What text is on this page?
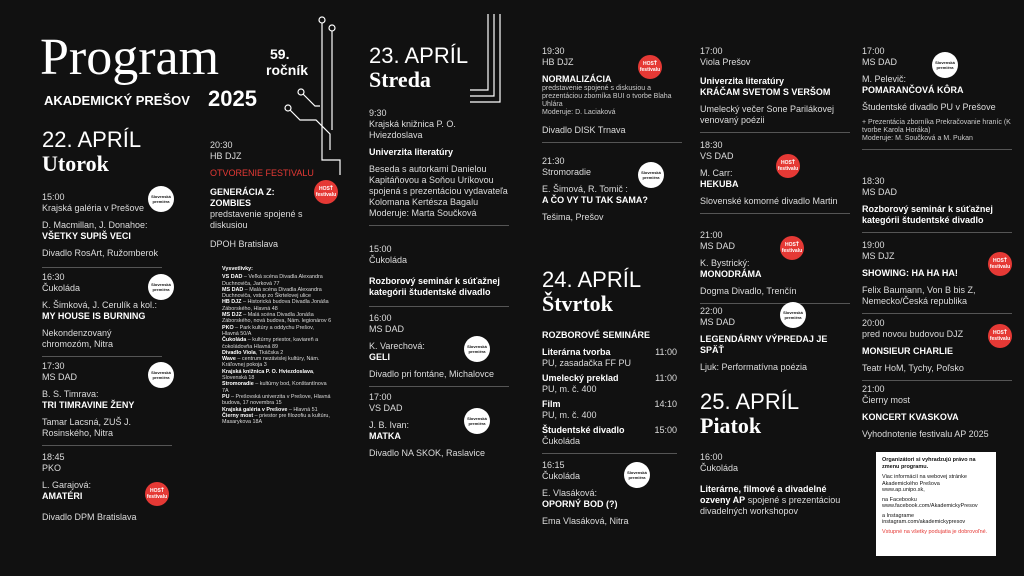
Program	59.
ročník
AKADEMICKÝ PREŠOV 2025
22. APRÍL
Utorok
15:00
Krajská galéria v Prešove
D. Macmillan, J. Donahoe:
VŠETKY SUPIŠ VECI
Divadlo RosArt, Ružomberok
Slovenská premiéra
16:30
Čukoláda
K. Šimková, J. Cerulík a kol.:
MY HOUSE IS BURNING
Nekondenzovaný chromozóm, Nitra
Slovenská premiéra
17:30
MS DAD
B. S. Timrava:
TRI TIMRAVINE ŽENY
Tamar Lacsná, ZUŠ J. Rosinského, Nitra
Slovenská premiéra
18:45
PKO
L. Garajová:
AMATÉRI
Divadlo DPM Bratislava
HOSŤ festivalu
20:30
HB DJZ
OTVORENIE FESTIVALU
GENERÁCIA Z:
ZOMBIES
predstavenie spojené s diskusiou
DPOH Bratislava
HOSŤ festivalu
Vysvetlivky:
VS DAD – Veľká scéna Divadla Alexandra Duchnoviča, Jarková 77
MS DAD – Malá scéna Divadla Alexandra Duchnoviča, vstup zo Škrtelovej ulice
HB DJZ – Historická budova Divadla Jonáša Záborského, Hlavná 48
MS DJZ – Malá scéna Divadla Jonáša Záborského, nová budova, Nám. legionárov 6
PKO – Park kultúry a oddychu Prešov, Hlavná 50/A
Čukoláda – kultúrny priestor, kaviareň a čokoládovňa Hlavná 89
Divadlo Viola, Tkáčska 2
Wave – centrum nezávislej kultúry, Nám. Kráľovnej pokoja 3
Krajská knižnica P. O. Hviezdoslava, Slovenská 18
Stromoradie – kultúrny bod, Konštantínova 7A
PU – Prešovská univerzita v Prešove, Hlavná budova, 17 novembra 15
Krajská galéria v Prešove – Hlavná 51
Čierny most – priestor pre filozofiu a kultúru, Masarykova 18A
23. APRÍL
Streda
9:30
Krajská knižnica P. O. Hviezdoslava
Univerzita literatúry
Beseda s autorkami Danielou Kapitáňovou a Soňou Uríkovou spojená s prezentáciou vydavateľa Kolomana Kertésza Bagalu
Moderuje: Marta Součková
15:00
Čukoláda
Rozborový seminár k súťažnej kategórii študentské divadlo
16:00
MS DAD
K. Varechová:
GELI
Divadlo pri fontáne, Michalovce
Slovenská premiéra
17:00
VS DAD
J. B. Ivan:
MATKA
Divadlo NA SKOK, Raslavice
Slovenská premiéra
19:30
HB DJZ
NORMALIZÁCIA
predstavenie spojené s diskusiou a prezentáciou zborníka BUI o tvorbe Blaha Uhlára
Moderuje: D. Laciaková
Divadlo DISK Trnava
HOSŤ festivalu
21:30
Stromoradie
E. Šimová, R. Tomič :
A ČO VY TU TAK SAMA?
Tešima, Prešov
Slovenská premiéra
24. APRÍL
Štvrtok
ROZBOROVÉ SEMINÁRE
Literárna tvorba	11:00
PU, zasadačka FF PU
Umelecký preklad	11:00
PU, m. č. 400
Film	14:10
PU, m. č. 400
Študentské divadlo	15:00
Čukoláda
16:15
Čukoláda
E. Vlasáková:
OPORNÝ BOD (?)
Ema Vlasáková, Nitra
Slovenská premiéra
17:00
Viola Prešov
Univerzita literatúry
KRÁČAM SVETOM S VERŠOM
Umelecký večer Sone Parilákovej venovaný poézii
18:30
VS DAD
M. Carr:
HEKUBA
Slovenské komorné divadlo Martin
HOSŤ festivalu
21:00
MS DAD
K. Bystrický:
MONODRÁMA
Dogma Divadlo, Trenčín
HOSŤ festivalu
22:00
MS DAD
LEGENDÁRNY VÝPREDAJ JE SPÄŤ
Ljuk: Performatívna poézia
Slovenská premiéra
25. APRÍL
Piatok
16:00
Čukoláda
Literárne, filmové a divadelné ozveny AP spojené s prezentáciou divadelných workshopov
17:00
MS DAD
M. Pelevič:
POMARANČOVÁ KÔRA
Študentské divadlo PU v Prešove
+ Prezentácia zborníka Prekračovanie hraníc (K tvorbe Karola Horáka)
Moderuje: M. Součková a M. Pukan
Slovenská premiéra
18:30
MS DAD
Rozborový seminár k súťažnej kategórii študentské divadlo
19:00
MS DJZ
SHOWING: HA HA HA!
Felix Baumann, Von B bis Z, Nemecko/Česká republika
HOSŤ festivalu
20:00
pred novou budovou DJZ
MONSIEUR CHARLIE
Teatr HoM, Tychy, Poľsko
HOSŤ festivalu
21:00
Čierny most
KONCERT KVASKOVA
Vyhodnotenie festivalu AP 2025
Organizátori si vyhradzujú právo na zmenu programu.
Viac informácií na webovej stránke Akademického Prešova
www.ap.unipo.sk,
na Facebooku
www.facebook.com/AkademickyPresov
a Instagrame
instagram.com/akademickypresov
Vstupné na všetky podujatia je dobrovoľné.
